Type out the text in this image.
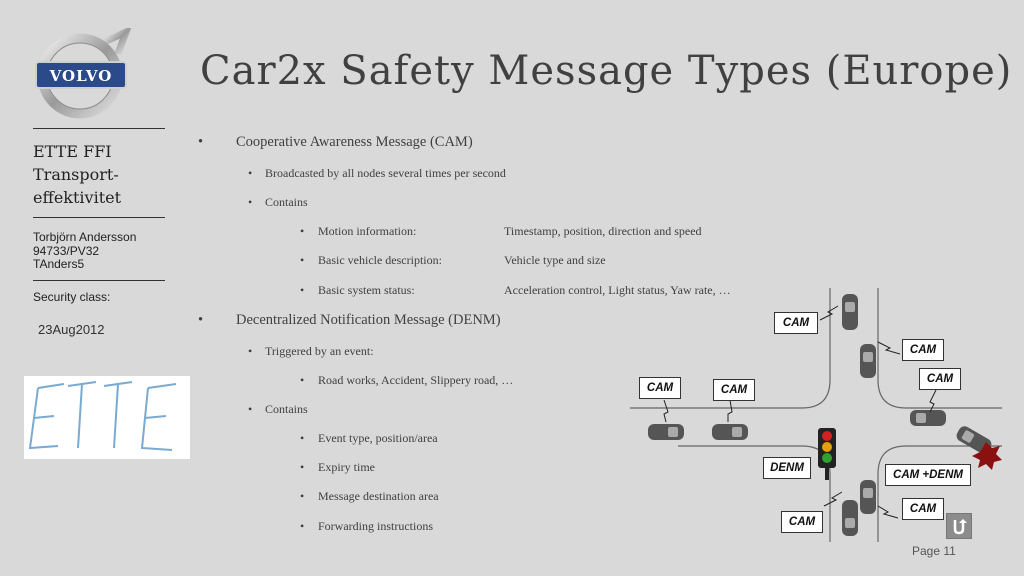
VOLVO Car2x Safety Message Types (Europe)
ETTE FFI
Transport-
effektivitet
Torbjörn Andersson
94733/PV32
TAnders5
Security class:
23Aug2012
ETTE
• Cooperative Awareness Message (CAM)
• Broadcasted by all nodes several times per second
• Contains
• Motion information:	Timestamp, position, direction and speed
• Basic vehicle description:	Vehicle type and size
• Basic system status:	Acceleration control, Light status, Yaw rate, …
• Decentralized Notification Message (DENM)
• Triggered by an event:
• Road works, Accident, Slippery road, …
• Contains
• Event type, position/area
• Expiry time
• Message destination area
• Forwarding instructions
CAM
CAM
CAM
CAM	CAM
DENM
CAM +DENM
CAM
CAM
Page 11
